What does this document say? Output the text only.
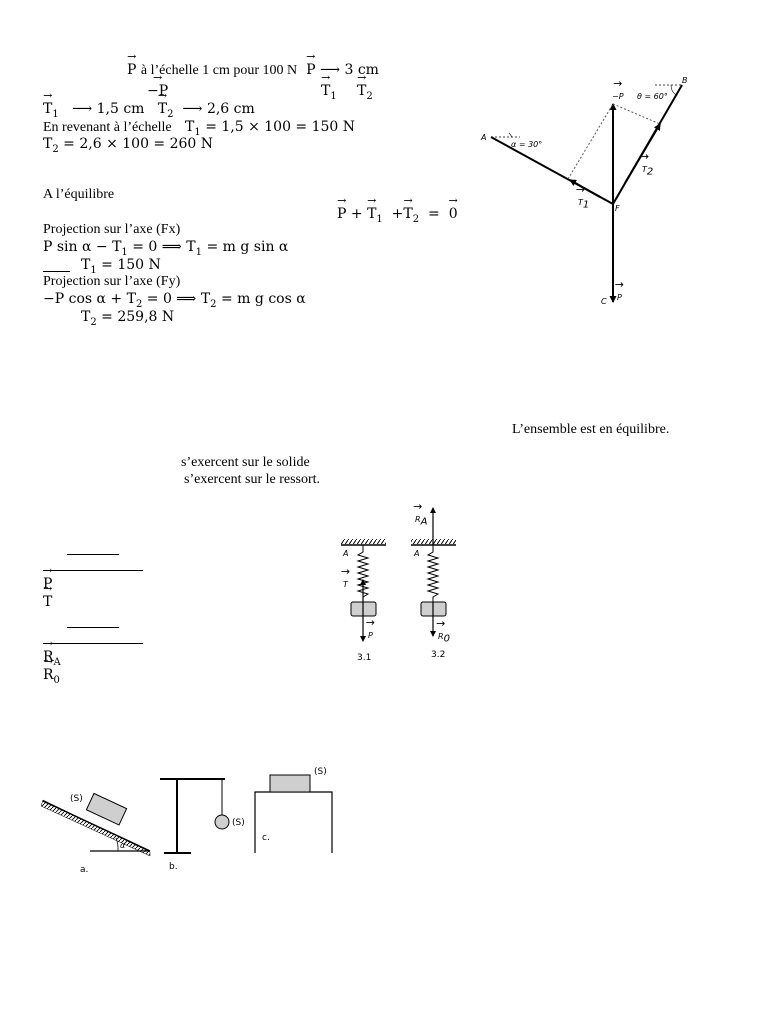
→ P à l’échelle 1 cm pour 100 N  → P ⟶ 3 cm
→ −P
→	$T_1$
→ $T_2$
→ $T_1$ ⟶ 1,5 cm   → $T_2$ ⟶ 2,6 cm
En revenant à l’échelle $T_1 = 1,5 \times 100 = 150$ N
$T_2 = 2,6 \times 100 = 260$ N
A l’équilibre
→ P + → $T_1 +\to T_2$ =  → 0
Projection sur l’axe (Fx)
P $\sin \alpha - T_1 = 0$ ⟹ $T_1 = m$ g sin α
$T_1 = 150$ N
Projection sur l’axe (Fy)
−P $\cos \alpha + T_2 = 0$ ⟹ $T_2 = m$ g cos α
$T_2 = 259,8$ N
A
B
F
C
α = 30°
θ = 60°
→ −P
→ P
→ $T_1$
→ $T_2$
L’ensemble est en équilibre.
s’exercent sur le solide
s’exercent sur le ressort.
→ P
→ T
→ $R_A$
→ $R_0$
A	A
→ T
→ P
→ $R_A$
→ $R_0$
3.1	3.2
(S)
(S)
(S)
α
a.	b.
c.
